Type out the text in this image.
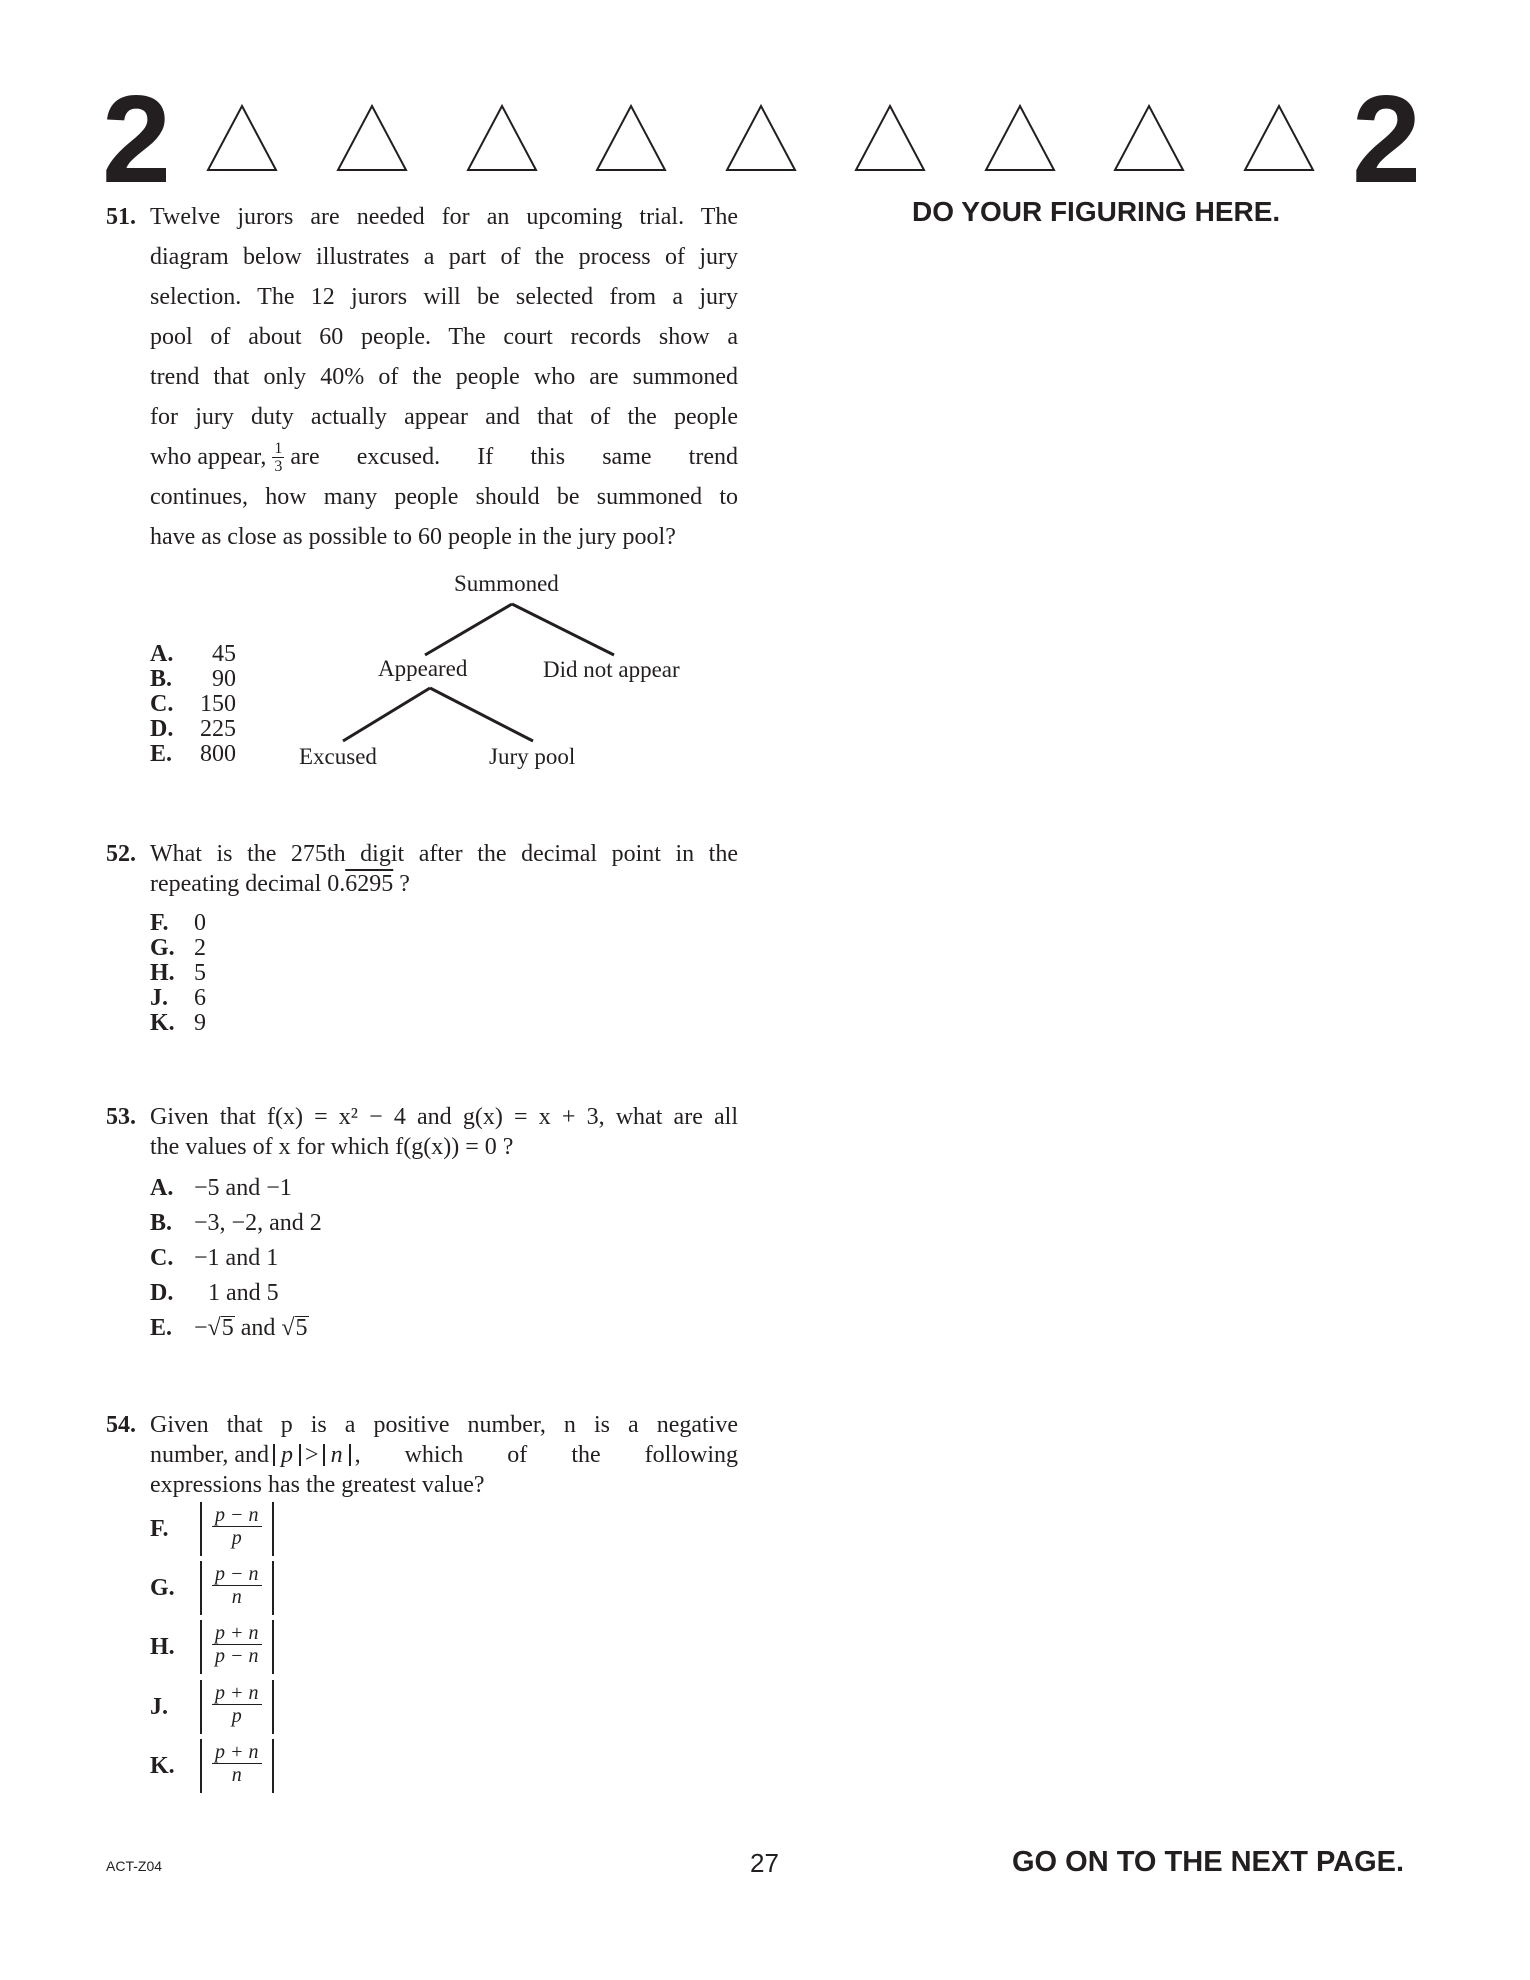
2	2
DO YOUR FIGURING HERE.
51. Twelve jurors are needed for an upcoming trial. The
diagram below illustrates a part of the process of jury
selection. The 12 jurors will be selected from a jury
pool of about 60 people. The court records show a
trend that only 40% of the people who are summoned
for jury duty actually appear and that of the people
who appear, $\frac{1}{3}$ are excused. If this same trend
continues, how many people should be summoned to
have as close as possible to 60 people in the jury pool?
A. 45
B. 90
C. 150
D. 225
E. 800
Summoned
Appeared	Did not appear
Excused	Jury pool
52. What is the 275th digit after the decimal point in the
repeating decimal 0.6295 ?
F. 0
G. 2
H. 5
J. 6
K. 9
53. Given that f(x) = x² − 4 and g(x) = x + 3, what are all
the values of x for which f(g(x)) = 0 ?
A. −5 and −1
B. −3, −2, and 2
C. −1 and 1
D. 1 and 5
E. −√5 and √5
54. Given that p is a positive number, n is a negative
number, and p > n , which of the following
expressions has the greatest value?
F. $\frac{p - n}{p}$
G. $\frac{p - n}{n}$
H. $\frac{p + n}{p - n}$
J. $\frac{p + n}{p}$
K. $\frac{p + n}{n}$
ACT-Z04	27	GO ON TO THE NEXT PAGE.
